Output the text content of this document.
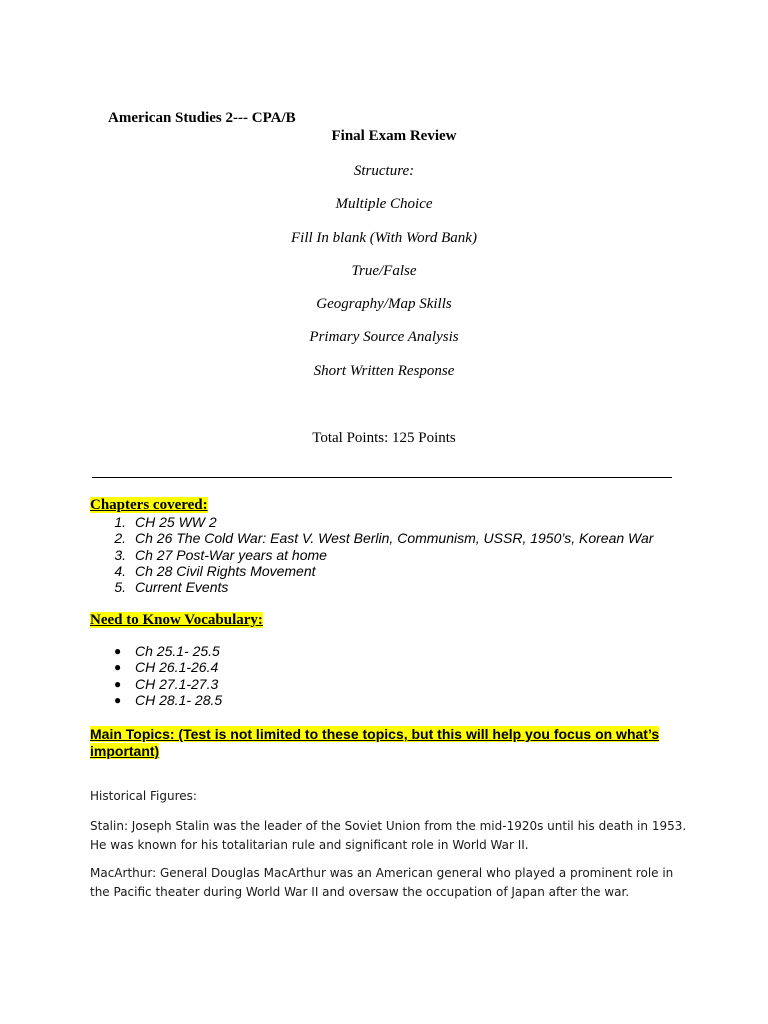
American Studies 2--- CPA/B
Final Exam Review
Structure:
Multiple Choice
Fill In blank (With Word Bank)
True/False
Geography/Map Skills
Primary Source Analysis
Short Written Response
Total Points: 125 Points
Chapters covered:
1. CH 25 WW 2
2. Ch 26 The Cold War: East V. West Berlin, Communism, USSR, 1950’s, Korean War
3. Ch 27 Post-War years at home
4. Ch 28 Civil Rights Movement
5. Current Events
Need to Know Vocabulary:
● Ch 25.1- 25.5
● CH 26.1-26.4
● CH 27.1-27.3
● CH 28.1- 28.5
Main Topics: (Test is not limited to these topics, but this will help you focus on what’s important)
Historical Figures:
Stalin: Joseph Stalin was the leader of the Soviet Union from the mid-1920s until his death in 1953. He was known for his totalitarian rule and significant role in World War II.
MacArthur: General Douglas MacArthur was an American general who played a prominent role in the Pacific theater during World War II and oversaw the occupation of Japan after the war.
